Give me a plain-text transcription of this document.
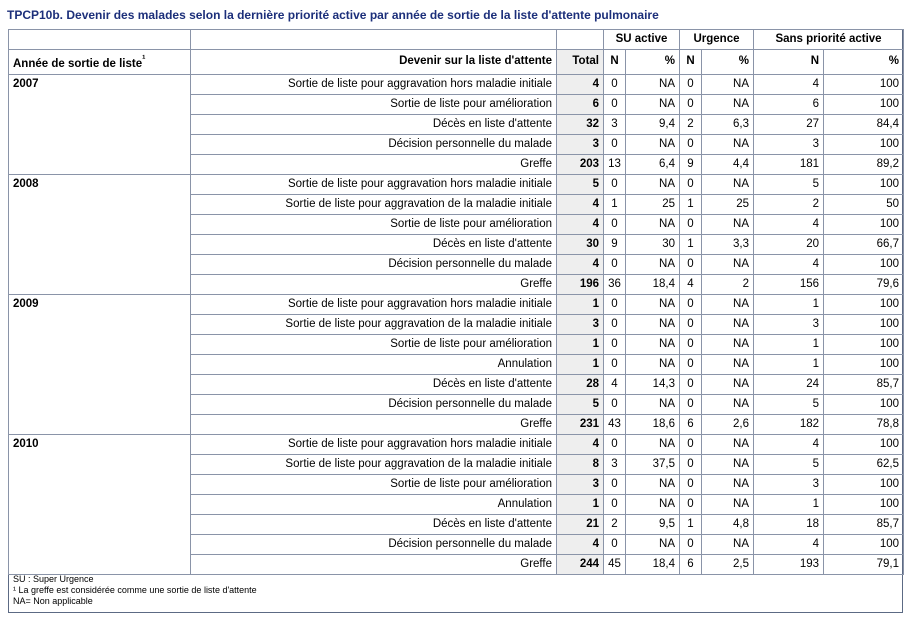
TPCP10b. Devenir des malades selon la dernière priorité active par année de sortie de la liste d'attente pulmonaire
			SU active		Urgence		Sans priorité active	
Année de sortie de liste$^{^1}$	Devenir sur la liste d'attente	Total	N	%	N	%	N	%
2007	Sortie de liste pour aggravation hors maladie initiale	4	0	NA	0	NA	4	100
	Sortie de liste pour amélioration	6	0	NA	0	NA	6	100
	Décès en liste d'attente	32	3	9,4	2	6,3	27	84,4
	Décision personnelle du malade	3	0	NA	0	NA	3	100
	Greffe	203	13	6,4	9	4,4	181	89,2
2008	Sortie de liste pour aggravation hors maladie initiale	5	0	NA	0	NA	5	100
	Sortie de liste pour aggravation de la maladie initiale	4	1	25	1	25	2	50
	Sortie de liste pour amélioration	4	0	NA	0	NA	4	100
	Décès en liste d'attente	30	9	30	1	3,3	20	66,7
	Décision personnelle du malade	4	0	NA	0	NA	4	100
	Greffe	196	36	18,4	4	2	156	79,6
2009	Sortie de liste pour aggravation hors maladie initiale	1	0	NA	0	NA	1	100
	Sortie de liste pour aggravation de la maladie initiale	3	0	NA	0	NA	3	100
	Sortie de liste pour amélioration	1	0	NA	0	NA	1	100
	Annulation	1	0	NA	0	NA	1	100
	Décès en liste d'attente	28	4	14,3	0	NA	24	85,7
	Décision personnelle du malade	5	0	NA	0	NA	5	100
	Greffe	231	43	18,6	6	2,6	182	78,8
2010	Sortie de liste pour aggravation hors maladie initiale	4	0	NA	0	NA	4	100
	Sortie de liste pour aggravation de la maladie initiale	8	3	37,5	0	NA	5	62,5
	Sortie de liste pour amélioration	3	0	NA	0	NA	3	100
	Annulation	1	0	NA	0	NA	1	100
	Décès en liste d'attente	21	2	9,5	1	4,8	18	85,7
	Décision personnelle du malade	4	0	NA	0	NA	4	100
	Greffe	244	45	18,4	6	2,5	193	79,1
SU : Super Urgence
¹ La greffe est considérée comme une sortie de liste d'attente
NA= Non applicable
